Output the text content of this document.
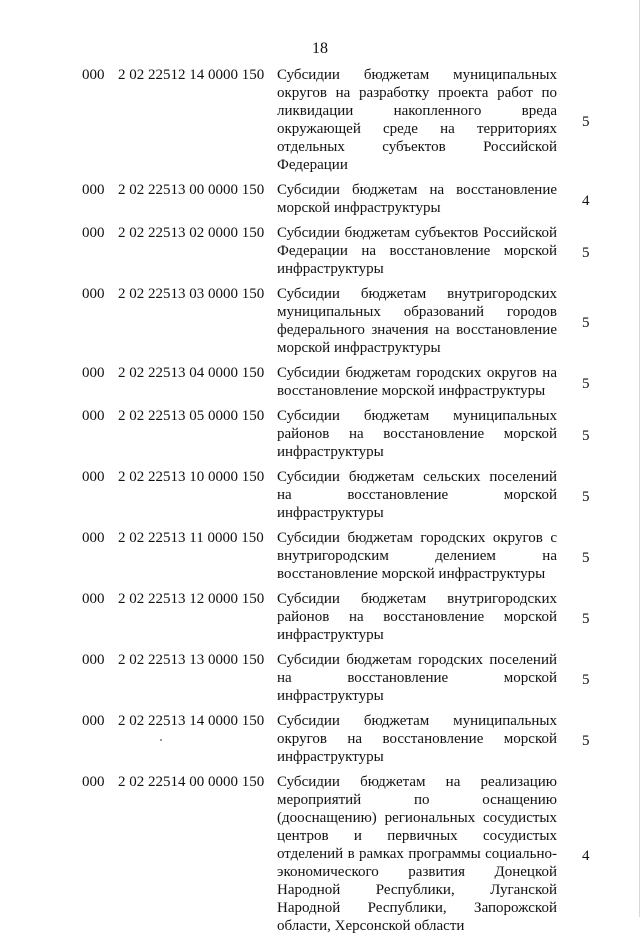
18
000 2 02 22512 14 0000 150 Субсидии бюджетам муниципальных округов на разработку проекта работ по ликвидации накопленного вреда окружающей среде на территориях отдельных субъектов Российской Федерации
5
000 2 02 22513 00 0000 150 Субсидии бюджетам на восстановление морской инфраструктуры	4
000 2 02 22513 02 0000 150 Субсидии бюджетам субъектов Российской Федерации на восстановление морской инфраструктуры
5
000 2 02 22513 03 0000 150 Субсидии бюджетам внутригородских муниципальных образований городов федерального значения на восстановление морской инфраструктуры
5
000 2 02 22513 04 0000 150 Субсидии бюджетам городских округов на восстановление морской инфраструктуры	5
000 2 02 22513 05 0000 150 Субсидии бюджетам муниципальных районов на восстановление морской инфраструктуры
5
000 2 02 22513 10 0000 150 Субсидии бюджетам сельских поселений на восстановление морской инфраструктуры
5
000 2 02 22513 11 0000 150 Субсидии бюджетам городских округов с внутригородским делением на восстановление морской инфраструктуры
5
000 2 02 22513 12 0000 150 Субсидии бюджетам внутригородских районов на восстановление морской инфраструктуры
5
000 2 02 22513 13 0000 150 Субсидии бюджетам городских поселений на восстановление морской инфраструктуры
5
000 2 02 22513 14 0000 150 Субсидии бюджетам муниципальных округов на восстановление морской инфраструктуры
5
000 2 02 22514 00 0000 150 Субсидии бюджетам на реализацию мероприятий по оснащению (дооснащению) региональных сосудистых центров и первичных сосудистых отделений в рамках программы социально-экономического развития Донецкой Народной Республики, Луганской Народной Республики, Запорожской области, Херсонской области
4
